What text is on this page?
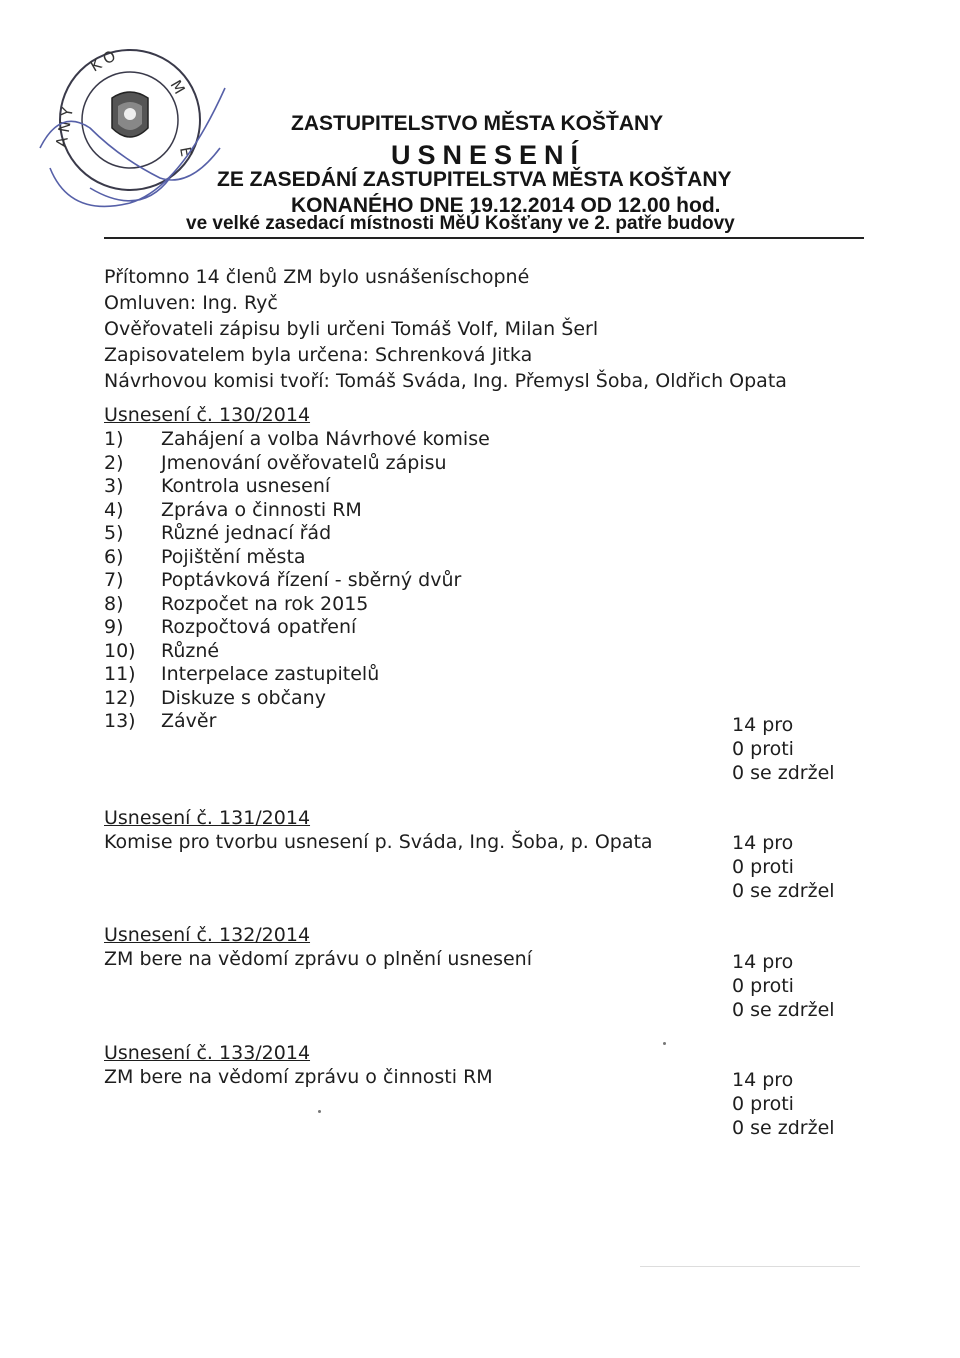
K O
M
A N Y
E
ZASTUPITELSTVO MĚSTA KOŠŤANY
USNESENÍ
ZE ZASEDÁNÍ ZASTUPITELSTVA MĚSTA KOŠŤANY
KONANÉHO DNE 19.12.2014 OD 12.00 hod.
ve velké zasedací místnosti MěÚ Košťany ve 2. patře budovy
Přítomno 14 členů ZM bylo usnášeníschopné
Omluven: Ing. Ryč
Ověřovateli zápisu byli určeni Tomáš Volf, Milan Šerl
Zapisovatelem byla určena: Schrenková Jitka
Návrhovou komisi tvoří: Tomáš Sváda, Ing. Přemysl Šoba, Oldřich Opata
Usnesení č. 130/2014
1)	Zahájení a volba Návrhové komise
2)	Jmenování ověřovatelů zápisu
3)	Kontrola usnesení
4)	Zpráva o činnosti RM
5)	Různé jednací řád
6)	Pojištění města
7)	Poptávková řízení - sběrný dvůr
8)	Rozpočet na rok 2015
9)	Rozpočtová opatření
10)	Různé
11)	Interpelace zastupitelů
12)	Diskuze s občany
13)	Závěr	14 pro
0 proti
0 se zdržel
Usnesení č. 131/2014
Komise pro tvorbu usnesení p. Sváda, Ing. Šoba, p. Opata	14 pro
0 proti
0 se zdržel
Usnesení č. 132/2014
ZM bere na vědomí zprávu o plnění usnesení	14 pro
0 proti
0 se zdržel
Usnesení č. 133/2014
ZM bere na vědomí zprávu o činnosti RM	14 pro
0 proti
0 se zdržel
